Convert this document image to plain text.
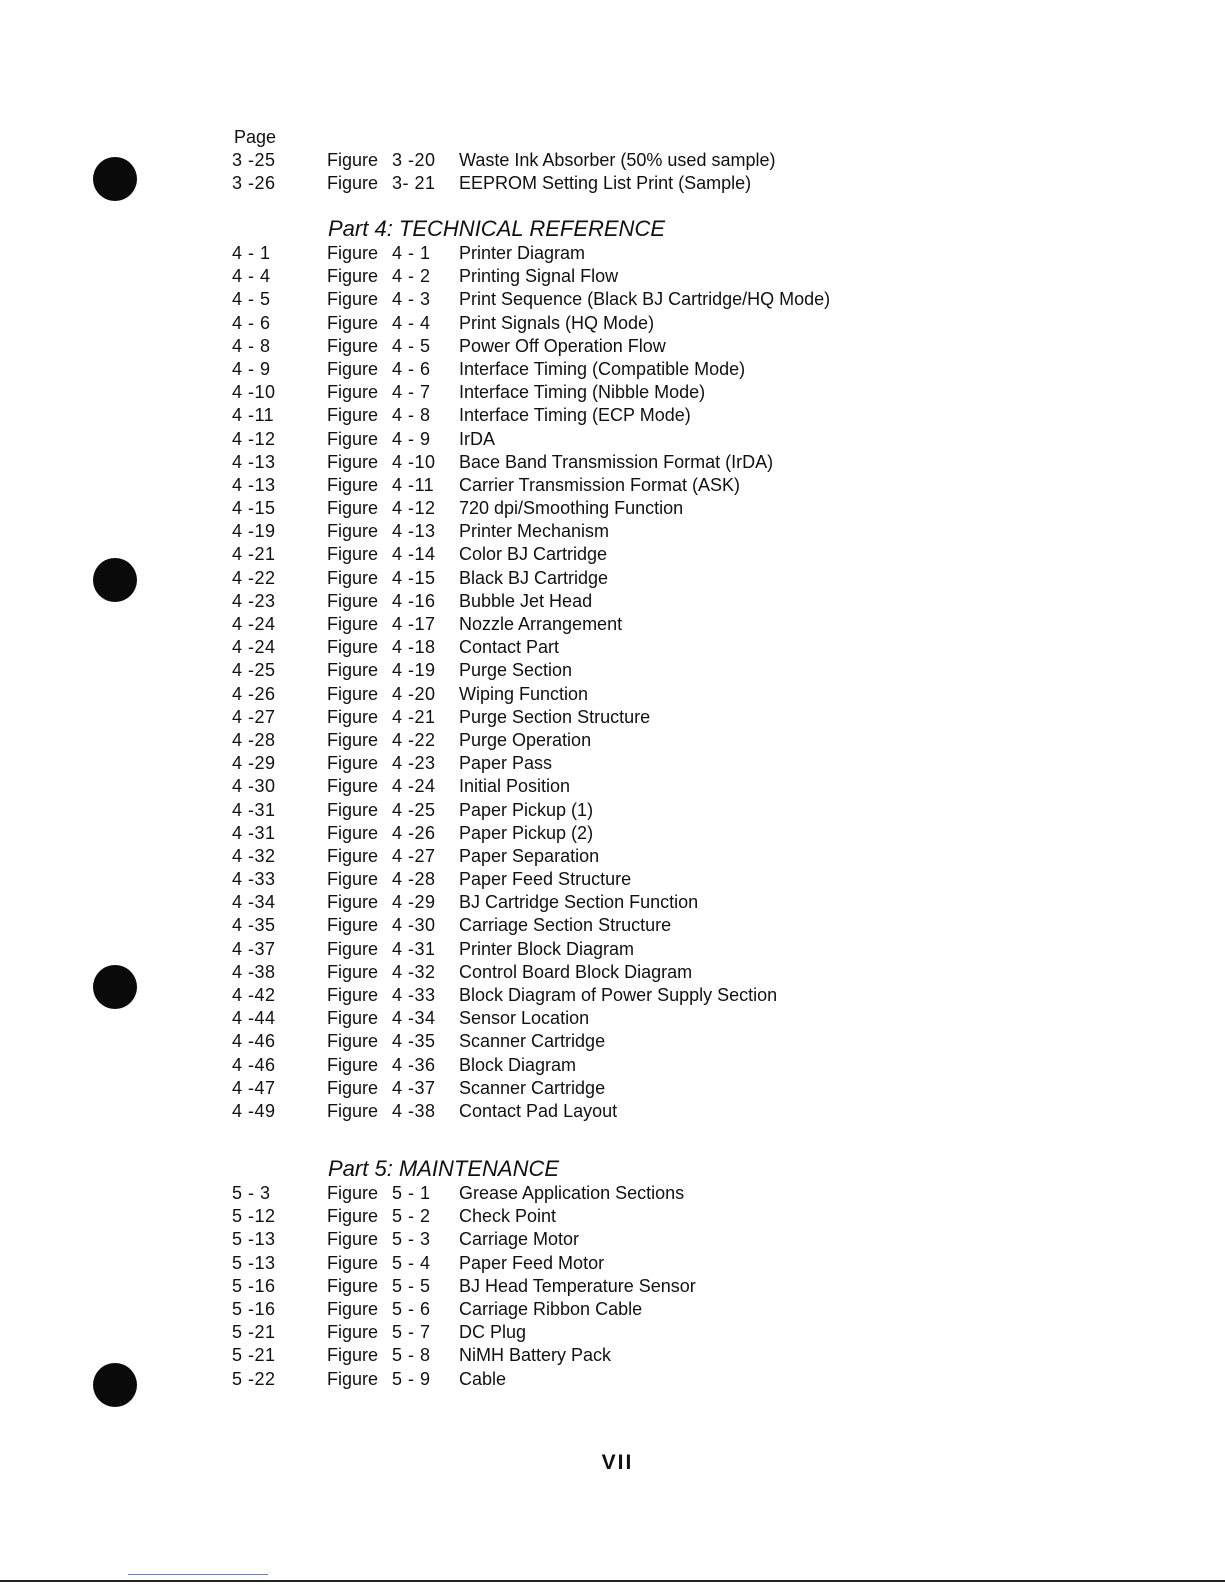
Page
3 -25	Figure 3 -20 Waste Ink Absorber (50% used sample)
3 -26	Figure 3- 21 EEPROM Setting List Print (Sample)
Part 4: TECHNICAL REFERENCE
4 - 1	Figure 4 - 1 Printer Diagram
4 - 4	Figure 4 - 2 Printing Signal Flow
4 - 5	Figure 4 - 3 Print Sequence (Black BJ Cartridge/HQ Mode)
4 - 6	Figure 4 - 4 Print Signals (HQ Mode)
4 - 8	Figure 4 - 5 Power Off Operation Flow
4 - 9	Figure 4 - 6 Interface Timing (Compatible Mode)
4 -10	Figure 4 - 7 Interface Timing (Nibble Mode)
4 -11	Figure 4 - 8 Interface Timing (ECP Mode)
4 -12	Figure 4 - 9 IrDA
4 -13	Figure 4 -10 Bace Band Transmission Format (IrDA)
4 -13	Figure 4 -11 Carrier Transmission Format (ASK)
4 -15	Figure 4 -12 720 dpi/Smoothing Function
4 -19	Figure 4 -13 Printer Mechanism
4 -21	Figure 4 -14 Color BJ Cartridge
4 -22	Figure 4 -15 Black BJ Cartridge
4 -23	Figure 4 -16 Bubble Jet Head
4 -24	Figure 4 -17 Nozzle Arrangement
4 -24	Figure 4 -18 Contact Part
4 -25	Figure 4 -19 Purge Section
4 -26	Figure 4 -20 Wiping Function
4 -27	Figure 4 -21 Purge Section Structure
4 -28	Figure 4 -22 Purge Operation
4 -29	Figure 4 -23 Paper Pass
4 -30	Figure 4 -24 Initial Position
4 -31	Figure 4 -25 Paper Pickup (1)
4 -31	Figure 4 -26 Paper Pickup (2)
4 -32	Figure 4 -27 Paper Separation
4 -33	Figure 4 -28 Paper Feed Structure
4 -34	Figure 4 -29 BJ Cartridge Section Function
4 -35	Figure 4 -30 Carriage Section Structure
4 -37	Figure 4 -31 Printer Block Diagram
4 -38	Figure 4 -32 Control Board Block Diagram
4 -42	Figure 4 -33 Block Diagram of Power Supply Section
4 -44	Figure 4 -34 Sensor Location
4 -46	Figure 4 -35 Scanner Cartridge
4 -46	Figure 4 -36 Block Diagram
4 -47	Figure 4 -37 Scanner Cartridge
4 -49	Figure 4 -38 Contact Pad Layout
Part 5: MAINTENANCE
5 - 3	Figure 5 - 1 Grease Application Sections
5 -12	Figure 5 - 2 Check Point
5 -13	Figure 5 - 3 Carriage Motor
5 -13	Figure 5 - 4 Paper Feed Motor
5 -16	Figure 5 - 5 BJ Head Temperature Sensor
5 -16	Figure 5 - 6 Carriage Ribbon Cable
5 -21	Figure 5 - 7 DC Plug
5 -21	Figure 5 - 8 NiMH Battery Pack
5 -22	Figure 5 - 9 Cable
VII
